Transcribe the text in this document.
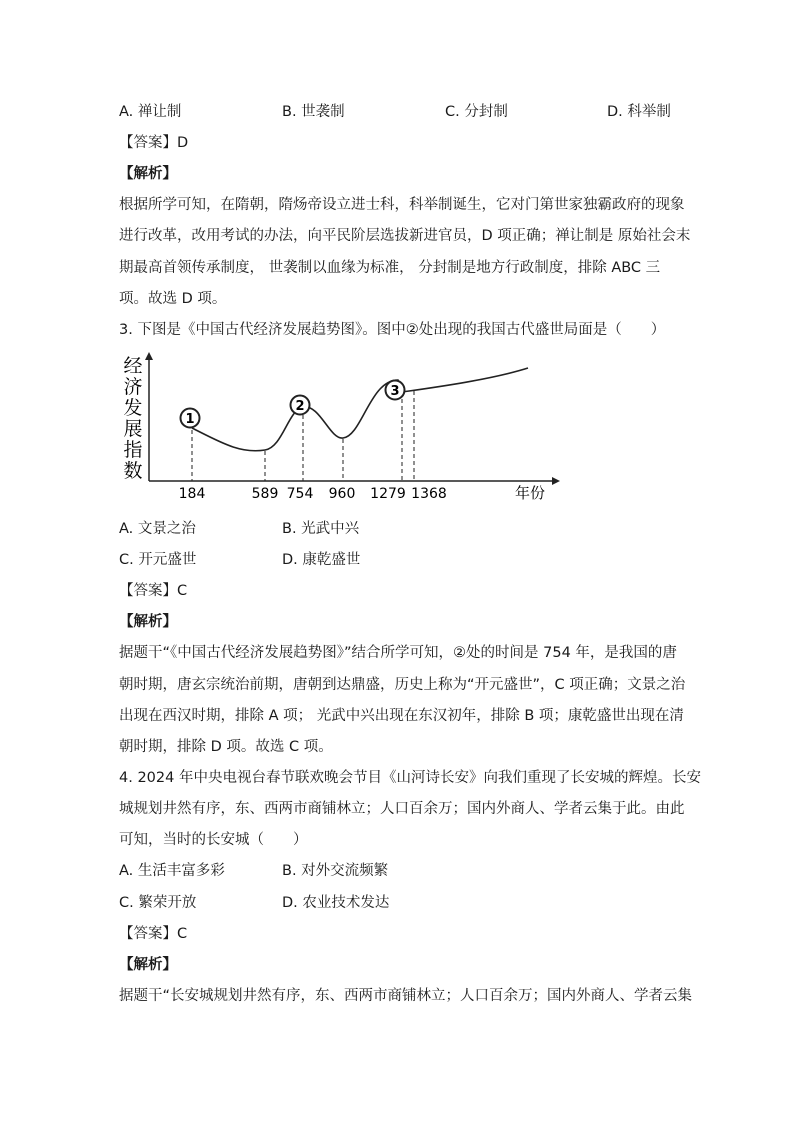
A. 禅让制	B. 世袭制	C. 分封制	D. 科举制
【答案】D
【解析】
根据所学可知，在隋朝，隋炀帝设立进士科，科举制诞生，它对门第世家独霸政府的现象
进行改革，改用考试的办法，向平民阶层选拔新进官员，D 项正确；禅让制是 原始社会末
期最高首领传承制度， 世袭制以血缘为标准， 分封制是地方行政制度，排除 ABC 三
项。故选 D 项。
3. 下图是《中国古代经济发展趋势图》。图中②处出现的我国古代盛世局面是（　　）
经
济
发
展
指
数
1
2
3
184	589 754 960 1279 1368	年份
A. 文景之治	B. 光武中兴
C. 开元盛世	D. 康乾盛世
【答案】C
【解析】
据题干“《中国古代经济发展趋势图》”结合所学可知，②处的时间是 754 年，是我国的唐
朝时期，唐玄宗统治前期，唐朝到达鼎盛，历史上称为“开元盛世”，C 项正确；文景之治
出现在西汉时期，排除 A 项； 光武中兴出现在东汉初年，排除 B 项；康乾盛世出现在清
朝时期，排除 D 项。故选 C 项。
4. 2024 年中央电视台春节联欢晚会节目《山河诗长安》向我们重现了长安城的辉煌。长安
城规划井然有序，东、西两市商铺林立；人口百余万；国内外商人、学者云集于此。由此
可知，当时的长安城（　　）
A. 生活丰富多彩	B. 对外交流频繁
C. 繁荣开放	D. 农业技术发达
【答案】C
【解析】
据题干“长安城规划井然有序，东、西两市商铺林立；人口百余万；国内外商人、学者云集
